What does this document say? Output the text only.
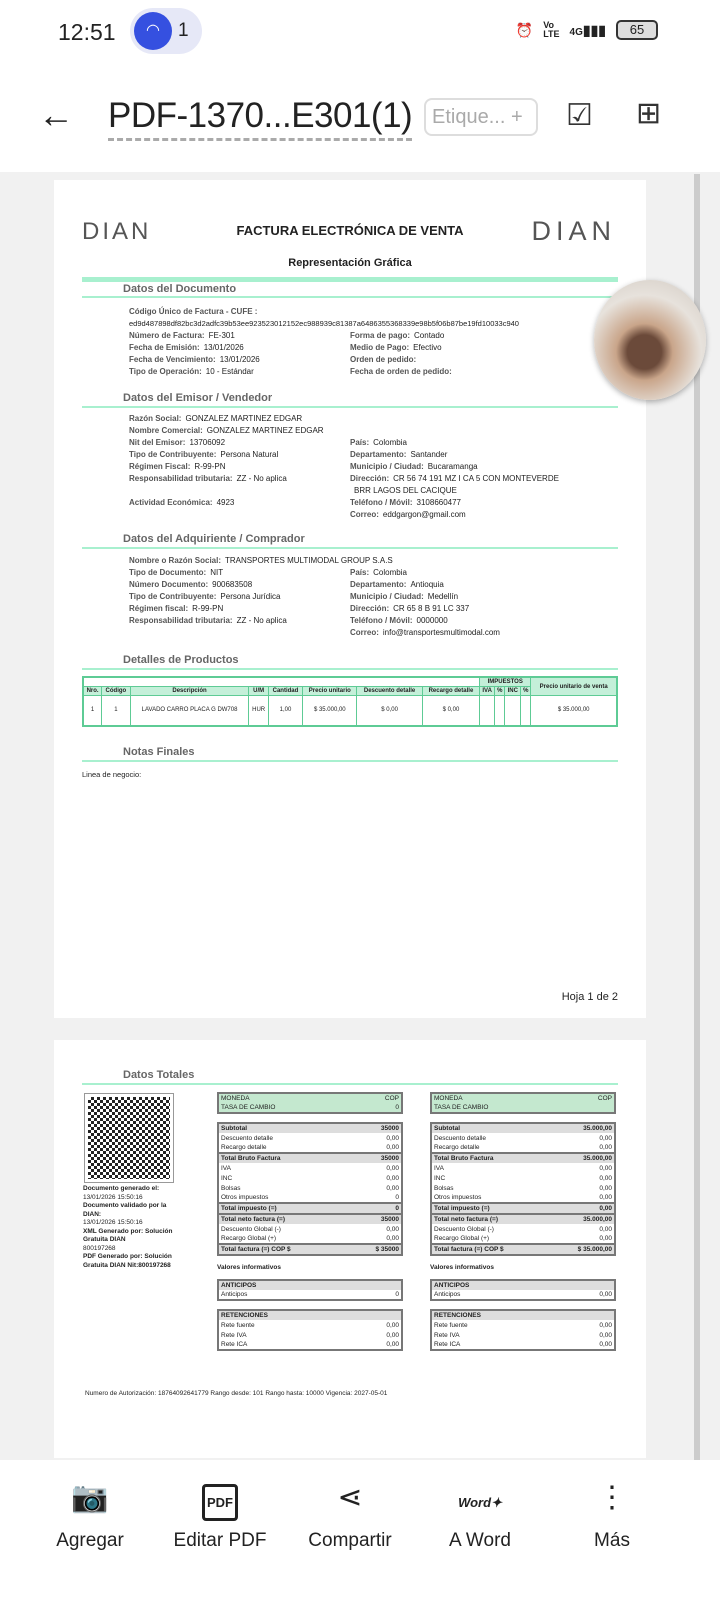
12:51	◠ 1	⏰ Vo
LTE 4G▮▮▮	65
← PDF-1370...E301(1) Etique... +	☑ ⊞
DIAN	FACTURA ELECTRÓNICA DE VENTA	DIAN
Representación Gráfica
Datos del Documento
Código Único de Factura - CUFE :
ed9d487898df82bc3d2adfc39b53ee923523012152ec988939c81387a6486355368339e98b5f06b87be19fd10033c940
Número de Factura: FE-301	Forma de pago: Contado
Fecha de Emisión: 13/01/2026	Medio de Pago: Efectivo
Fecha de Vencimiento: 13/01/2026	Orden de pedido:
Tipo de Operación: 10 - Estándar	Fecha de orden de pedido:
Datos del Emisor / Vendedor
Razón Social: GONZALEZ MARTINEZ EDGAR
Nombre Comercial: GONZALEZ MARTINEZ EDGAR
Nit del Emisor: 13706092	País: Colombia
Tipo de Contribuyente: Persona Natural	Departamento: Santander
Régimen Fiscal: R-99-PN	Municipio / Ciudad: Bucaramanga
Responsabilidad tributaria: ZZ - No aplica	Dirección: CR 56 74 191 MZ I CA 5 CON MONTEVERDE
BRR LAGOS DEL CACIQUE
Actividad Económica: 4923	Teléfono / Móvil: 3108660477
Correo: eddgargon@gmail.com
Datos del Adquiriente / Comprador
Nombre o Razón Social: TRANSPORTES MULTIMODAL GROUP S.A.S
Tipo de Documento: NIT	País: Colombia
Número Documento: 900683508	Departamento: Antioquia
Tipo de Contribuyente: Persona Jurídica	Municipio / Ciudad: Medellín
Régimen fiscal: R-99-PN	Dirección: CR 65 8 B 91 LC 337
Responsabilidad tributaria: ZZ - No aplica	Teléfono / Móvil: 0000000
Correo: info@transportesmultimodal.com
Detalles de Productos
								IMPUESTOS				Precio unitario de venta
Nro.	Código	Descripción	U/M	Cantidad	Precio unitario	Descuento detalle	Recargo detalle	IVA	%	INC	%	
1	1	LAVADO CARRO PLACA G DW708	HUR	1,00	$ 35.000,00	$ 0,00	$ 0,00					$ 35.000,00
Notas Finales
Linea de negocio:
Hoja 1 de 2
Datos Totales
Documento generado el:
13/01/2026 15:50:16
Documento validado por la DIAN:
13/01/2026 15:50:16
XML Generado por: Solución Gratuita DIAN
800197268
PDF Generado por: Solución Gratuita DIAN Nit:800197268
MONEDA	COP
TASA DE CAMBIO	0
Subtotal	35000
Descuento detalle	0,00
Recargo detalle	0,00
Total Bruto Factura	35000
IVA	0,00
INC	0,00
Bolsas	0,00
Otros impuestos	0
Total impuesto (=)	0
Total neto factura (=)	35000
Descuento Global (-)	0,00
Recargo Global (+)	0,00
Total factura (=) COP $	$ 35000
Valores informativos
ANTICIPOS	
Anticipos	0
RETENCIONES	
Rete fuente	0,00
Rete IVA	0,00
Rete ICA	0,00
MONEDA	COP
TASA DE CAMBIO	
Subtotal	35.000,00
Descuento detalle	0,00
Recargo detalle	0,00
Total Bruto Factura	35.000,00
IVA	0,00
INC	0,00
Bolsas	0,00
Otros impuestos	0,00
Total impuesto (=)	0,00
Total neto factura (=)	35.000,00
Descuento Global (-)	0,00
Recargo Global (+)	0,00
Total factura (=) COP $	$ 35.000,00
Valores informativos
ANTICIPOS	
Anticipos	0,00
RETENCIONES	
Rete fuente	0,00
Rete IVA	0,00
Rete ICA	0,00
Numero de Autorización: 18764092641779 Rango desde: 101 Rango hasta: 10000 Vigencia: 2027-05-01
📷
Agregar
PDF
Editar PDF
⋖
Compartir
Word✦
A Word
⋮
Más
